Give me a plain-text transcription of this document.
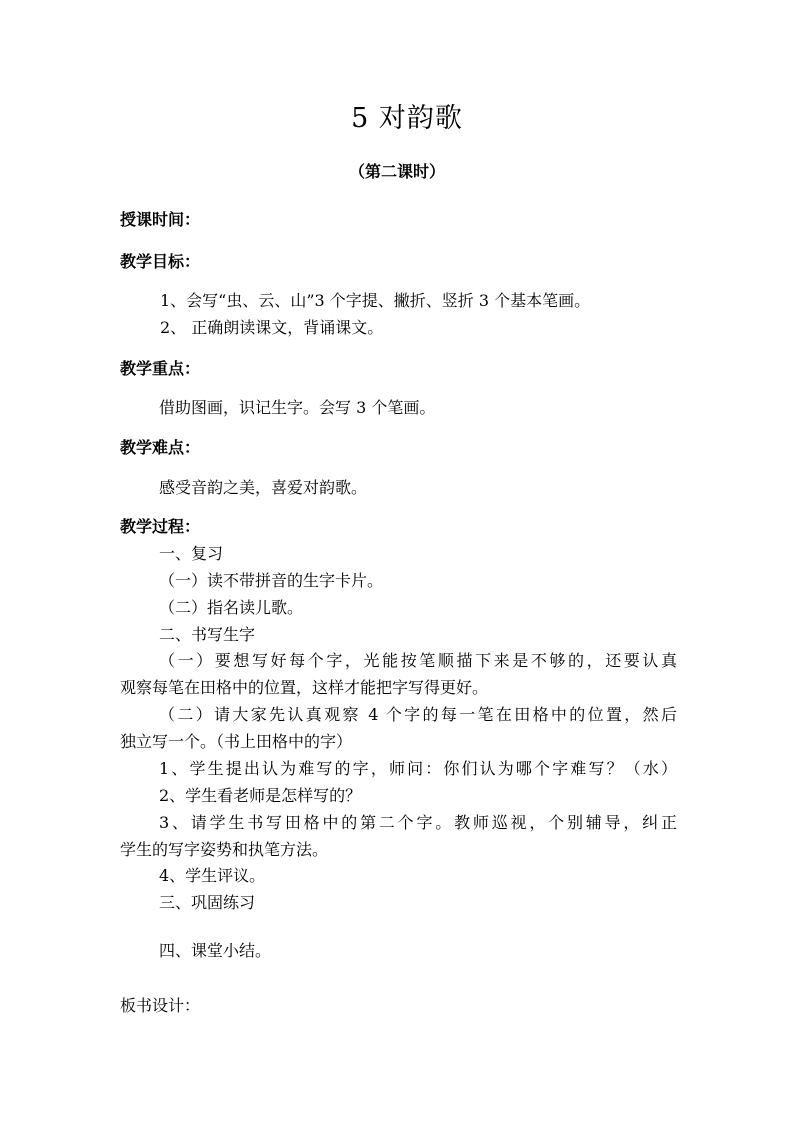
5 对韵歌
（第二课时）
授课时间：
教学目标：
1、会写“虫、云、山”3 个字提、撇折、竖折 3 个基本笔画。
2、 正确朗读课文，背诵课文。
教学重点：
借助图画，识记生字。会写 3 个笔画。
教学难点：
感受音韵之美，喜爱对韵歌。
教学过程：
一、复习
（一）读不带拼音的生字卡片。
（二）指名读儿歌。
二、书写生字
（一）要想写好每个字，光能按笔顺描下来是不够的，还要认真
观察每笔在田格中的位置，这样才能把字写得更好。
（二）请大家先认真观察 4 个字的每一笔在田格中的位置，然后
独立写一个。（书上田格中的字）
1、学生提出认为难写的字，师问：你们认为哪个字难写？（水）
2、学生看老师是怎样写的？
3、请学生书写田格中的第二个字。教师巡视，个别辅导，纠正
学生的写字姿势和执笔方法。
4、学生评议。
三、巩固练习
四、课堂小结。
板书设计：
